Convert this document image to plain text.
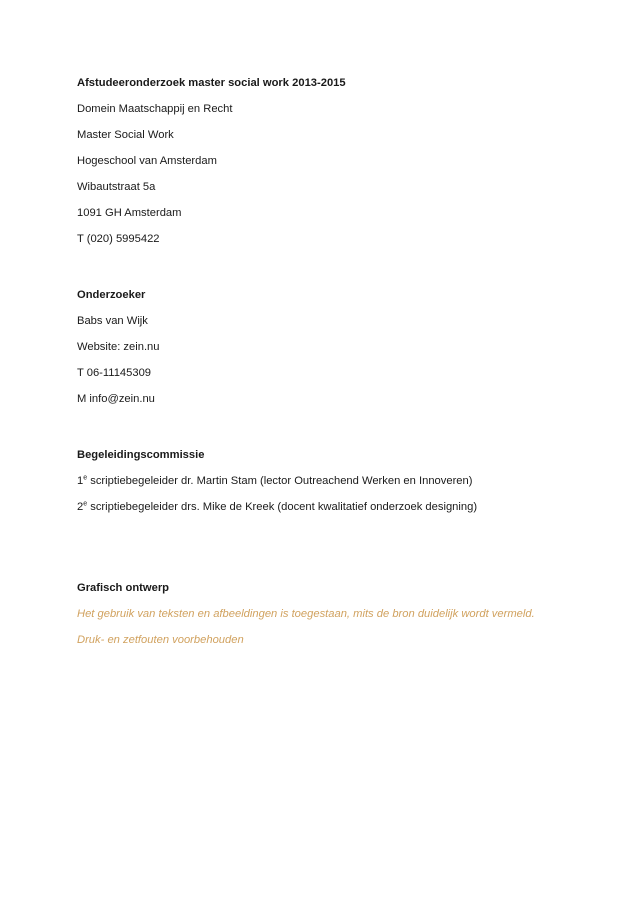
Afstudeeronderzoek master social work 2013-2015
Domein Maatschappij en Recht
Master Social Work
Hogeschool van Amsterdam
Wibautstraat 5a
1091 GH Amsterdam
T (020) 5995422
Onderzoeker
Babs van Wijk
Website: zein.nu
T 06-11145309
M info@zein.nu
Begeleidingscommissie
1e scriptiebegeleider dr. Martin Stam (lector Outreachend Werken en Innoveren)
2e scriptiebegeleider drs. Mike de Kreek (docent kwalitatief onderzoek designing)
Grafisch ontwerp
Het gebruik van teksten en afbeeldingen is toegestaan, mits de bron duidelijk wordt vermeld.
Druk- en zetfouten voorbehouden
